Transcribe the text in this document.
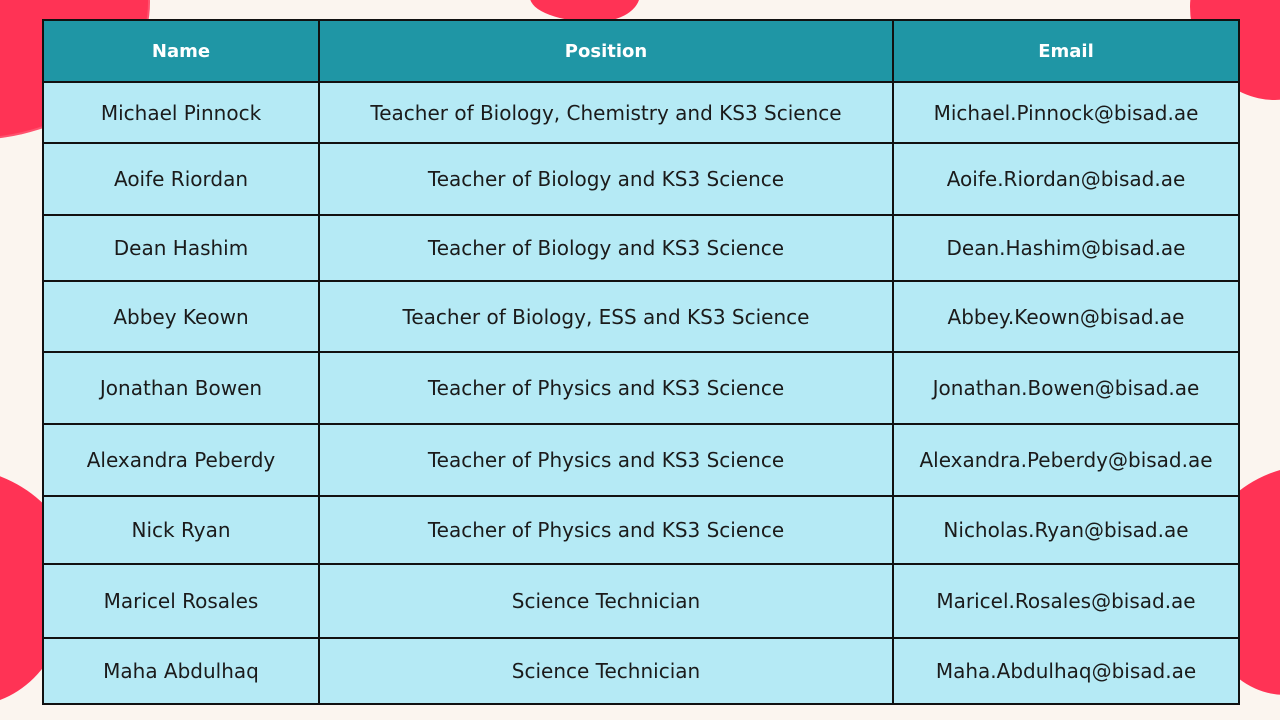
Name	Position	Email
Michael Pinnock	Teacher of Biology, Chemistry and KS3 Science	Michael.Pinnock@bisad.ae
Aoife Riordan	Teacher of Biology and KS3 Science	Aoife.Riordan@bisad.ae
Dean Hashim	Teacher of Biology and KS3 Science	Dean.Hashim@bisad.ae
Abbey Keown	Teacher of Biology, ESS and KS3 Science	Abbey.Keown@bisad.ae
Jonathan Bowen	Teacher of Physics and KS3 Science	Jonathan.Bowen@bisad.ae
Alexandra Peberdy	Teacher of Physics and KS3 Science	Alexandra.Peberdy@bisad.ae
Nick Ryan	Teacher of Physics and KS3 Science	Nicholas.Ryan@bisad.ae
Maricel Rosales	Science Technician	Maricel.Rosales@bisad.ae
Maha Abdulhaq	Science Technician	Maha.Abdulhaq@bisad.ae
